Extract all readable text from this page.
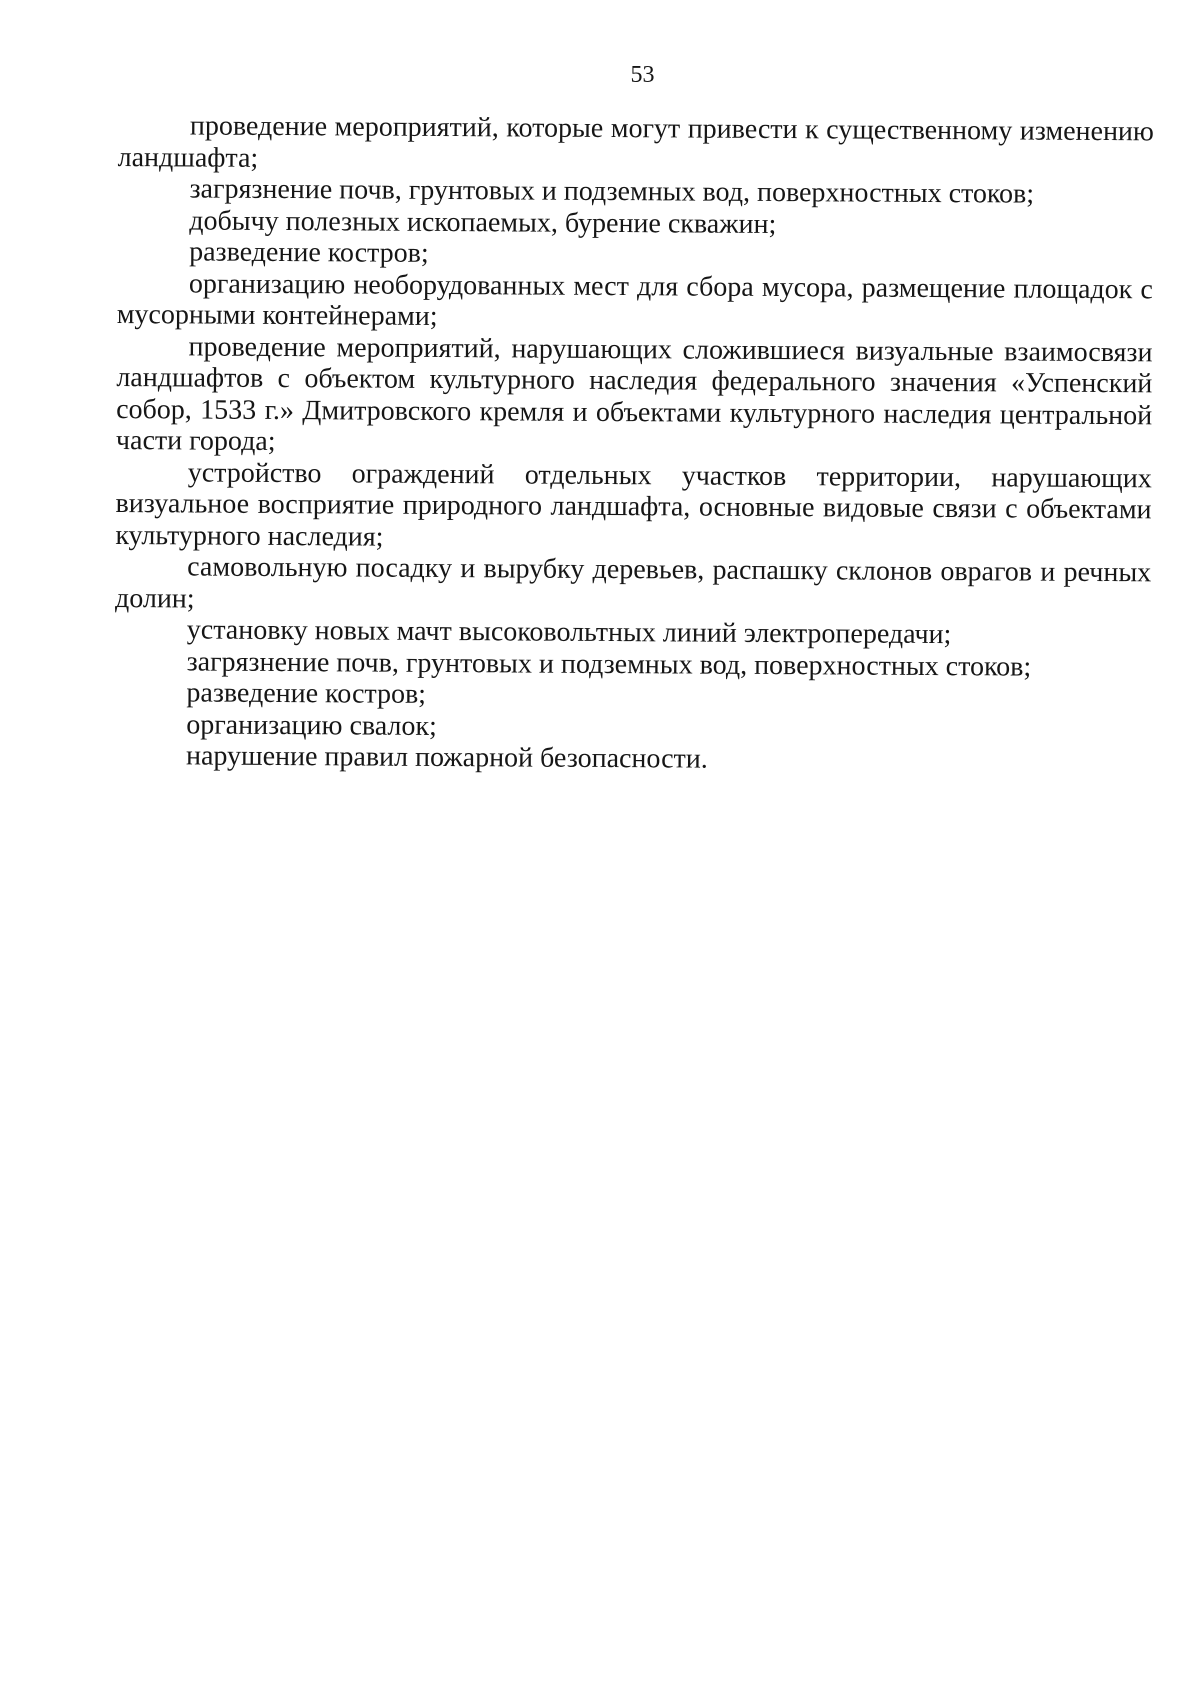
53

проведение мероприятий, которые могут привести к существенному изменению ландшафта;

загрязнение почв, грунтовых и подземных вод, поверхностных стоков;

добычу полезных ископаемых, бурение скважин;

разведение костров;

организацию необорудованных мест для сбора мусора, размещение площадок с мусорными контейнерами;

проведение мероприятий, нарушающих сложившиеся визуальные взаимосвязи ландшафтов с объектом культурного наследия федерального значения «Успенский собор, 1533 г.» Дмитровского кремля и объектами культурного наследия центральной части города;

устройство ограждений отдельных участков территории, нарушающих визуальное восприятие природного ландшафта, основные видовые связи с объектами культурного наследия;

самовольную посадку и вырубку деревьев, распашку склонов оврагов и речных долин;

установку новых мачт высоковольтных линий электропередачи;

загрязнение почв, грунтовых и подземных вод, поверхностных стоков;

разведение костров;

организацию свалок;

нарушение правил пожарной безопасности.
